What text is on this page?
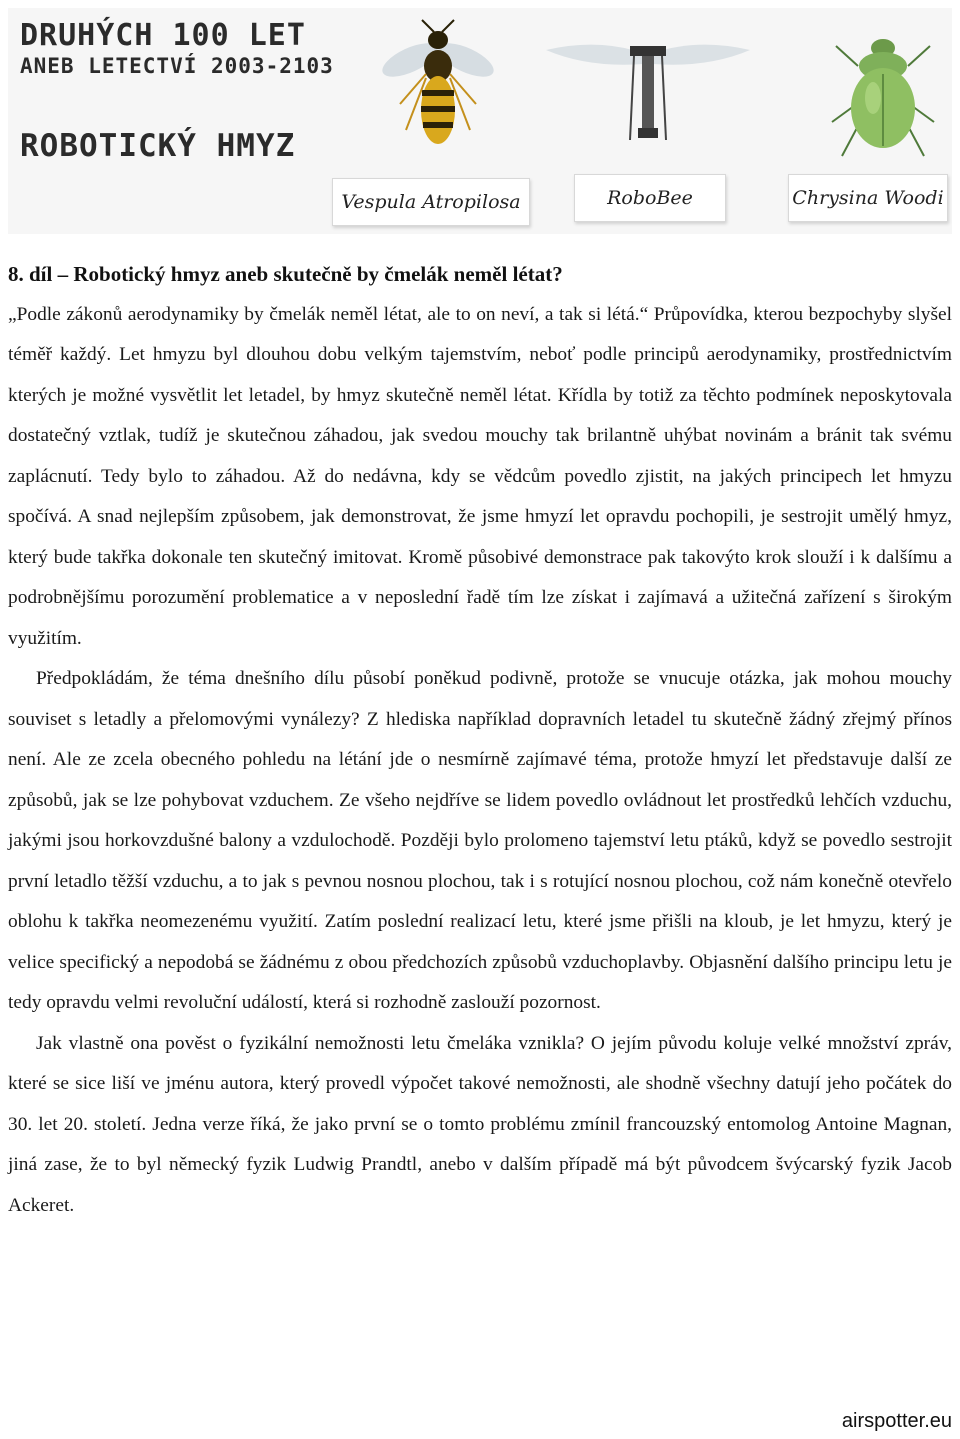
DRUHÝCH 100 LET
ANEB LETECTVÍ 2003-2103
ROBOTICKÝ HMYZ
Vespula Atropilosa	RoboBee	Chrysina Woodi
8. díl – Robotický hmyz aneb skutečně by čmelák neměl létat?

„Podle zákonů aerodynamiky by čmelák neměl létat, ale to on neví, a tak si létá.“ Průpovídka, kterou bezpochyby slyšel téměř každý. Let hmyzu byl dlouhou dobu velkým tajemstvím, neboť podle principů aerodynamiky, prostřednictvím kterých je možné vysvětlit let letadel, by hmyz skutečně neměl létat. Křídla by totiž za těchto podmínek neposkytovala dostatečný vztlak, tudíž je skutečnou záhadou, jak svedou mouchy tak brilantně uhýbat novinám a bránit tak svému zaplácnutí. Tedy bylo to záhadou. Až do nedávna, kdy se vědcům povedlo zjistit, na jakých principech let hmyzu spočívá. A snad nejlepším způsobem, jak demonstrovat, že jsme hmyzí let opravdu pochopili, je sestrojit umělý hmyz, který bude takřka dokonale ten skutečný imitovat. Kromě působivé demonstrace pak takovýto krok slouží i k dalšímu a podrobnějšímu porozumění problematice a v neposlední řadě tím lze získat i zajímavá a užitečná zařízení s širokým využitím.

Předpokládám, že téma dnešního dílu působí poněkud podivně, protože se vnucuje otázka, jak mohou mouchy souviset s letadly a přelomovými vynálezy? Z hlediska například dopravních letadel tu skutečně žádný zřejmý přínos není. Ale ze zcela obecného pohledu na létání jde o nesmírně zajímavé téma, protože hmyzí let představuje další ze způsobů, jak se lze pohybovat vzduchem. Ze všeho nejdříve se lidem povedlo ovládnout let prostředků lehčích vzduchu, jakými jsou horkovzdušné balony a vzdulochodě. Později bylo prolomeno tajemství letu ptáků, když se povedlo sestrojit první letadlo těžší vzduchu, a to jak s pevnou nosnou plochou, tak i s rotující nosnou plochou, což nám konečně otevřelo oblohu k takřka neomezenému využití. Zatím poslední realizací letu, které jsme přišli na kloub, je let hmyzu, který je velice specifický a nepodobá se žádnému z obou předchozích způsobů vzduchoplavby. Objasnění dalšího principu letu je tedy opravdu velmi revoluční událostí, která si rozhodně zaslouží pozornost.

Jak vlastně ona pověst o fyzikální nemožnosti letu čmeláka vznikla? O jejím původu koluje velké množství zpráv, které se sice liší ve jménu autora, který provedl výpočet takové nemožnosti, ale shodně všechny datují jeho počátek do 30. let 20. století. Jedna verze říká, že jako první se o tomto problému zmínil francouzský entomolog Antoine Magnan, jiná zase, že to byl německý fyzik Ludwig Prandtl, anebo v dalším případě má být původcem švýcarský fyzik Jacob Ackeret.

airspotter.eu
